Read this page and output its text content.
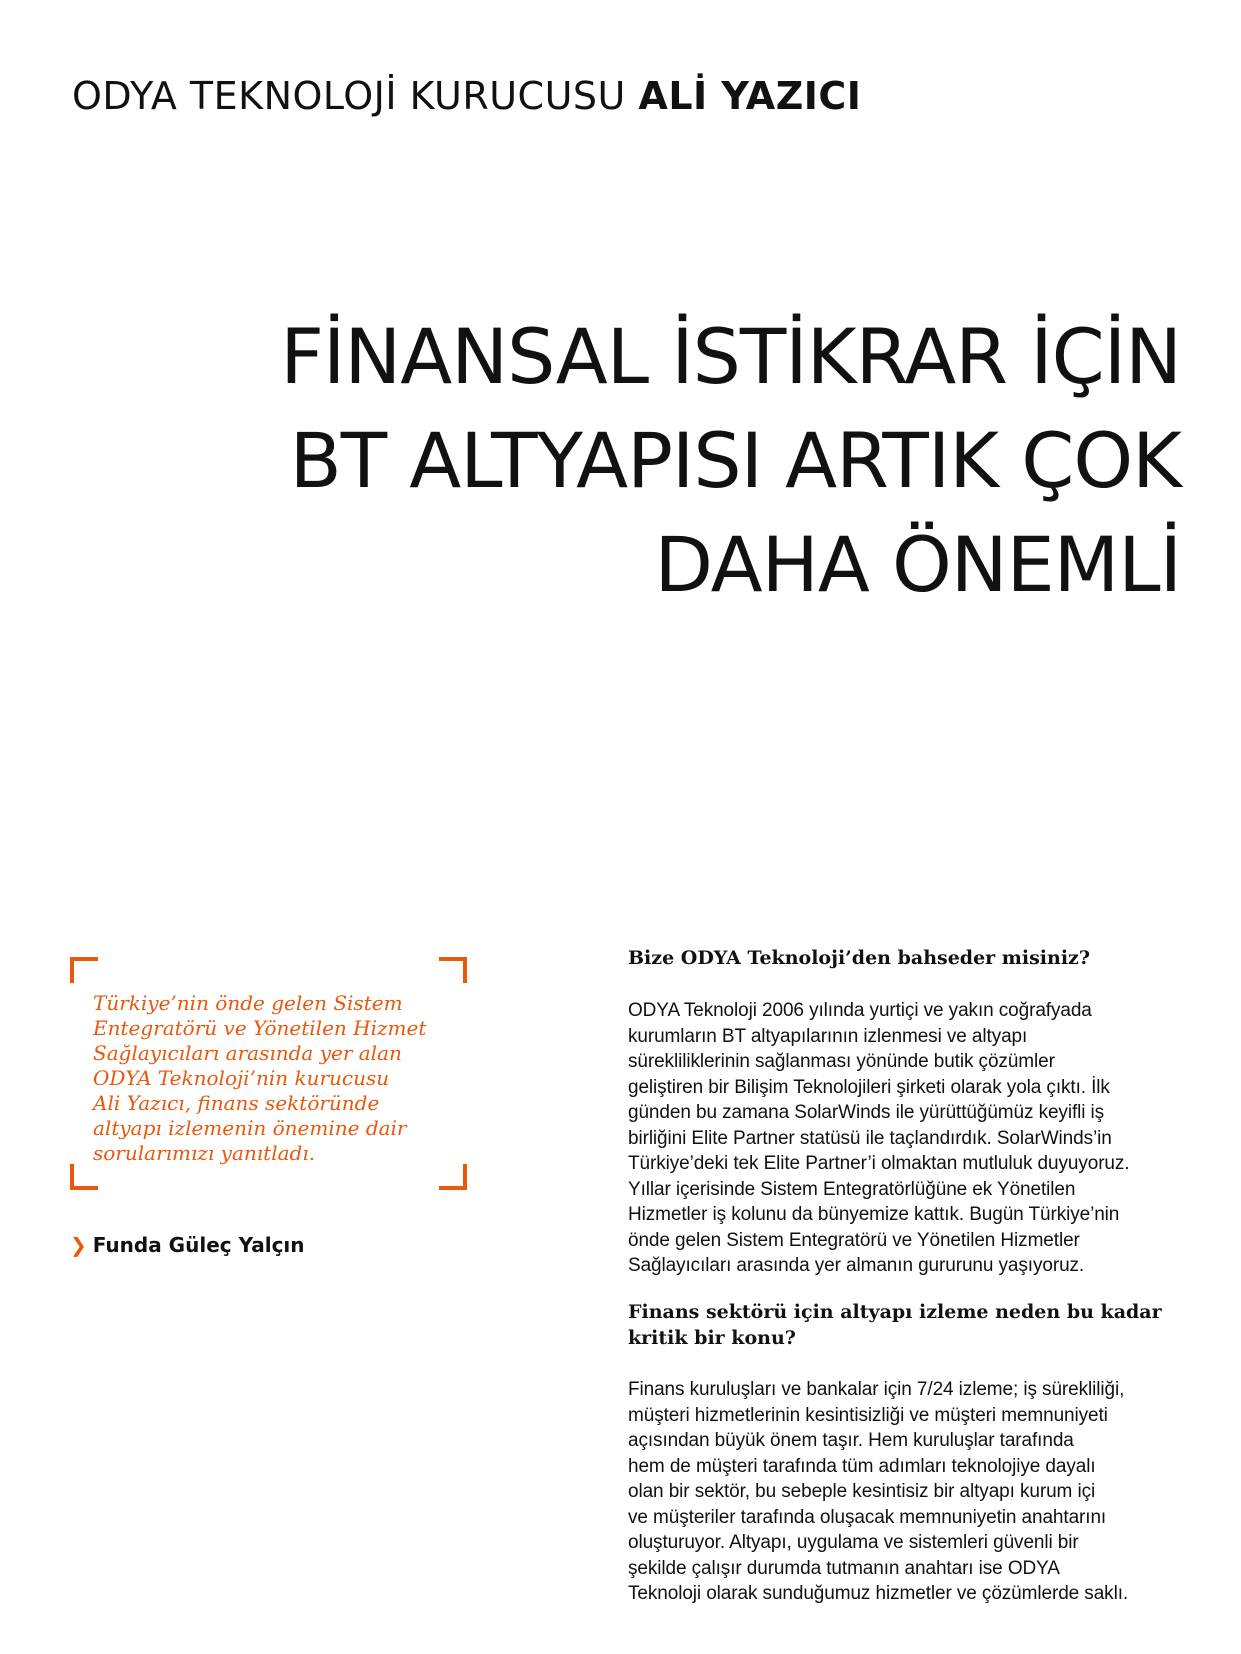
ODYA TEKNOLOJİ KURUCUSU ALİ YAZICI
FİNANSAL İSTİKRAR İÇİN
BT ALTYAPISI ARTIK ÇOK
DAHA ÖNEMLİ

Türkiye’nin önde gelen Sistem
Entegratörü ve Yönetilen Hizmet
Sağlayıcıları arasında yer alan
ODYA Teknoloji’nin kurucusu
Ali Yazıcı, finans sektöründe
altyapı izlemenin önemine dair
sorularımızı yanıtladı.

❯ Funda Güleç Yalçın

Bize ODYA Teknoloji’den bahseder misiniz?

ODYA Teknoloji 2006 yılında yurtiçi ve yakın coğrafyada
kurumların BT altyapılarının izlenmesi ve altyapı
sürekliliklerinin sağlanması yönünde butik çözümler
geliştiren bir Bilişim Teknolojileri şirketi olarak yola çıktı. İlk
günden bu zamana SolarWinds ile yürüttüğümüz keyifli iş
birliğini Elite Partner statüsü ile taçlandırdık. SolarWinds’in
Türkiye’deki tek Elite Partner’i olmaktan mutluluk duyuyoruz.
Yıllar içerisinde Sistem Entegratörlüğüne ek Yönetilen
Hizmetler iş kolunu da bünyemize kattık. Bugün Türkiye’nin
önde gelen Sistem Entegratörü ve Yönetilen Hizmetler
Sağlayıcıları arasında yer almanın gururunu yaşıyoruz.

Finans sektörü için altyapı izleme neden bu kadar
kritik bir konu?

Finans kuruluşları ve bankalar için 7/24 izleme; iş sürekliliği,
müşteri hizmetlerinin kesintisizliği ve müşteri memnuniyeti
açısından büyük önem taşır. Hem kuruluşlar tarafında
hem de müşteri tarafında tüm adımları teknolojiye dayalı
olan bir sektör, bu sebeple kesintisiz bir altyapı kurum içi
ve müşteriler tarafında oluşacak memnuniyetin anahtarını
oluşturuyor. Altyapı, uygulama ve sistemleri güvenli bir
şekilde çalışır durumda tutmanın anahtarı ise ODYA
Teknoloji olarak sunduğumuz hizmetler ve çözümlerde saklı.
